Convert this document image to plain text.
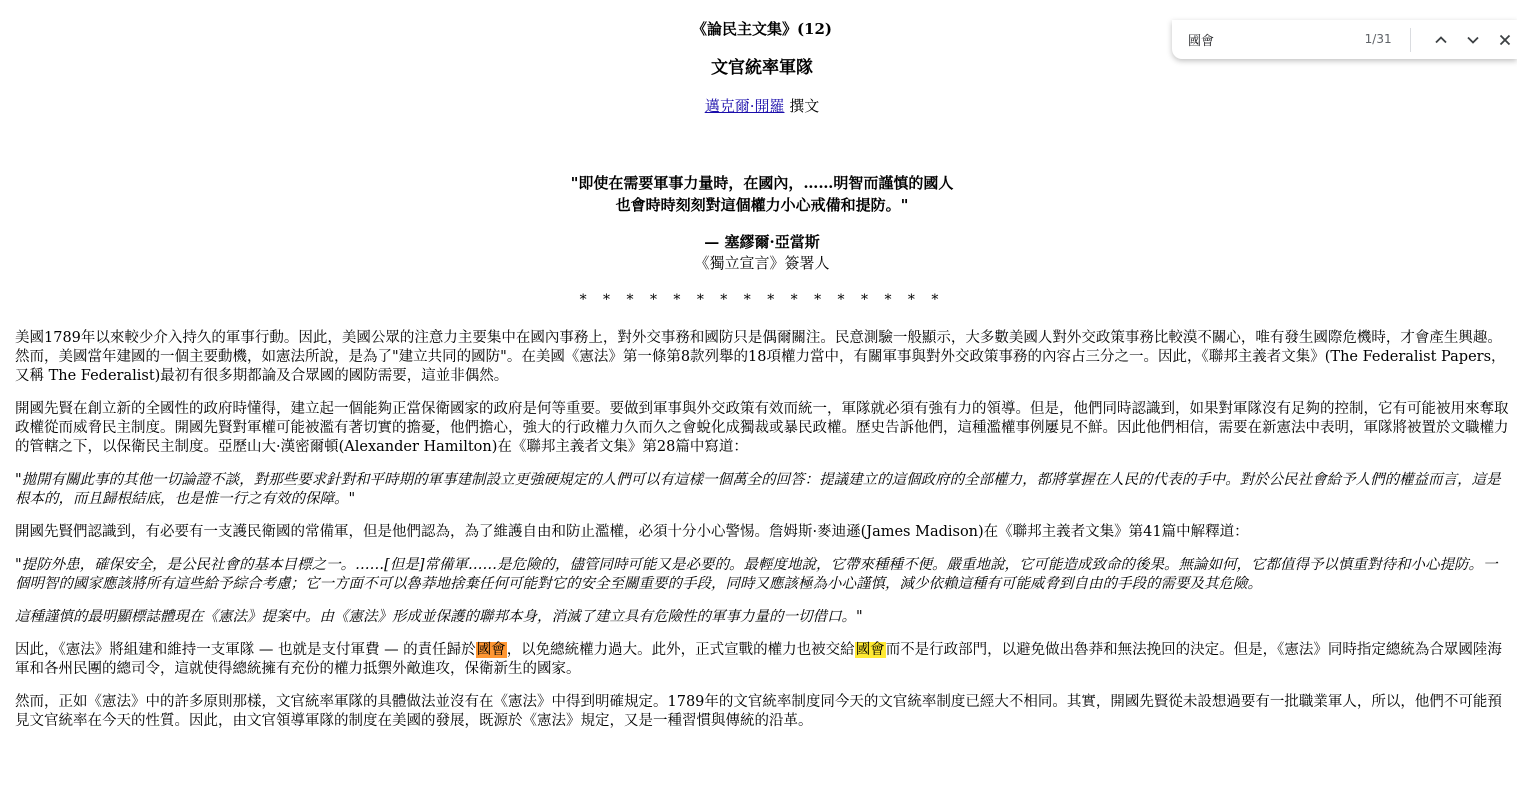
《論民主文集》(12)
文官統率軍隊
邁克爾·開羅 撰文
"即使在需要軍事力量時，在國內，……明智而謹慎的國人
也會時時刻刻對這個權力小心戒備和提防。"
— 塞繆爾·亞當斯
《獨立宣言》簽署人
* * * * * * * * * * * * * * * *

美國1789年以來較少介入持久的軍事行動。因此，美國公眾的注意力主要集中在國內事務上，對外交事務和國防只是偶爾關注。民意測驗一般顯示，大多數美國人對外交政策事務比較漠不關心，唯有發生國際危機時，才會產生興趣。然而，美國當年建國的一個主要動機，如憲法所說，是為了"建立共同的國防"。在美國《憲法》第一條第8款列舉的18項權力當中，有關軍事與對外交政策事務的內容占三分之一。因此，《聯邦主義者文集》(The Federalist Papers，又稱 The Federalist)最初有很多期都論及合眾國的國防需要，這並非偶然。

開國先賢在創立新的全國性的政府時懂得，建立起一個能夠正當保衛國家的政府是何等重要。要做到軍事與外交政策有效而統一，軍隊就必須有強有力的領導。但是，他們同時認識到，如果對軍隊沒有足夠的控制，它有可能被用來奪取政權從而威脅民主制度。開國先賢對軍權可能被濫有著切實的擔憂，他們擔心，強大的行政權力久而久之會蛻化成獨裁或暴民政權。歷史告訴他們，這種濫權事例屢見不鮮。因此他們相信，需要在新憲法中表明，軍隊將被置於文職權力的管轄之下，以保衛民主制度。亞歷山大·漢密爾頓(Alexander Hamilton)在《聯邦主義者文集》第28篇中寫道：

"拋開有關此事的其他一切論證不談，對那些要求針對和平時期的軍事建制設立更強硬規定的人們可以有這樣一個萬全的回答：提議建立的這個政府的全部權力，都將掌握在人民的代表的手中。對於公民社會給予人們的權益而言，這是根本的，而且歸根結底，也是惟一行之有效的保障。"

開國先賢們認識到，有必要有一支護民衛國的常備軍，但是他們認為，為了維護自由和防止濫權，必須十分小心警惕。詹姆斯·麥迪遜(James Madison)在《聯邦主義者文集》第41篇中解釋道：

"提防外患，確保安全，是公民社會的基本目標之一。……[但是]常備軍……是危險的，儘管同時可能又是必要的。最輕度地說，它帶來種種不便。嚴重地說，它可能造成致命的後果。無論如何，它都值得予以慎重對待和小心提防。一個明智的國家應該將所有這些給予綜合考慮；它一方面不可以魯莽地捨棄任何可能對它的安全至關重要的手段，同時又應該極為小心謹慎，減少依賴這種有可能威脅到自由的手段的需要及其危險。

這種謹慎的最明顯標誌體現在《憲法》提案中。由《憲法》形成並保護的聯邦本身，消滅了建立具有危險性的軍事力量的一切借口。"

因此，《憲法》將組建和維持一支軍隊 — 也就是支付軍費 — 的責任歸於國會，以免總統權力過大。此外，正式宣戰的權力也被交給國會而不是行政部門，以避免做出魯莽和無法挽回的決定。但是，《憲法》同時指定總統為合眾國陸海軍和各州民團的總司令，這就使得總統擁有充份的權力抵禦外敵進攻，保衛新生的國家。

然而，正如《憲法》中的許多原則那樣，文官統率軍隊的具體做法並沒有在《憲法》中得到明確規定。1789年的文官統率制度同今天的文官統率制度已經大不相同。其實，開國先賢從未設想過要有一批職業軍人，所以，他們不可能預見文官統率在今天的性質。因此，由文官領導軍隊的制度在美國的發展，既源於《憲法》規定，又是一種習慣與傳統的沿革。

國會
1/31
